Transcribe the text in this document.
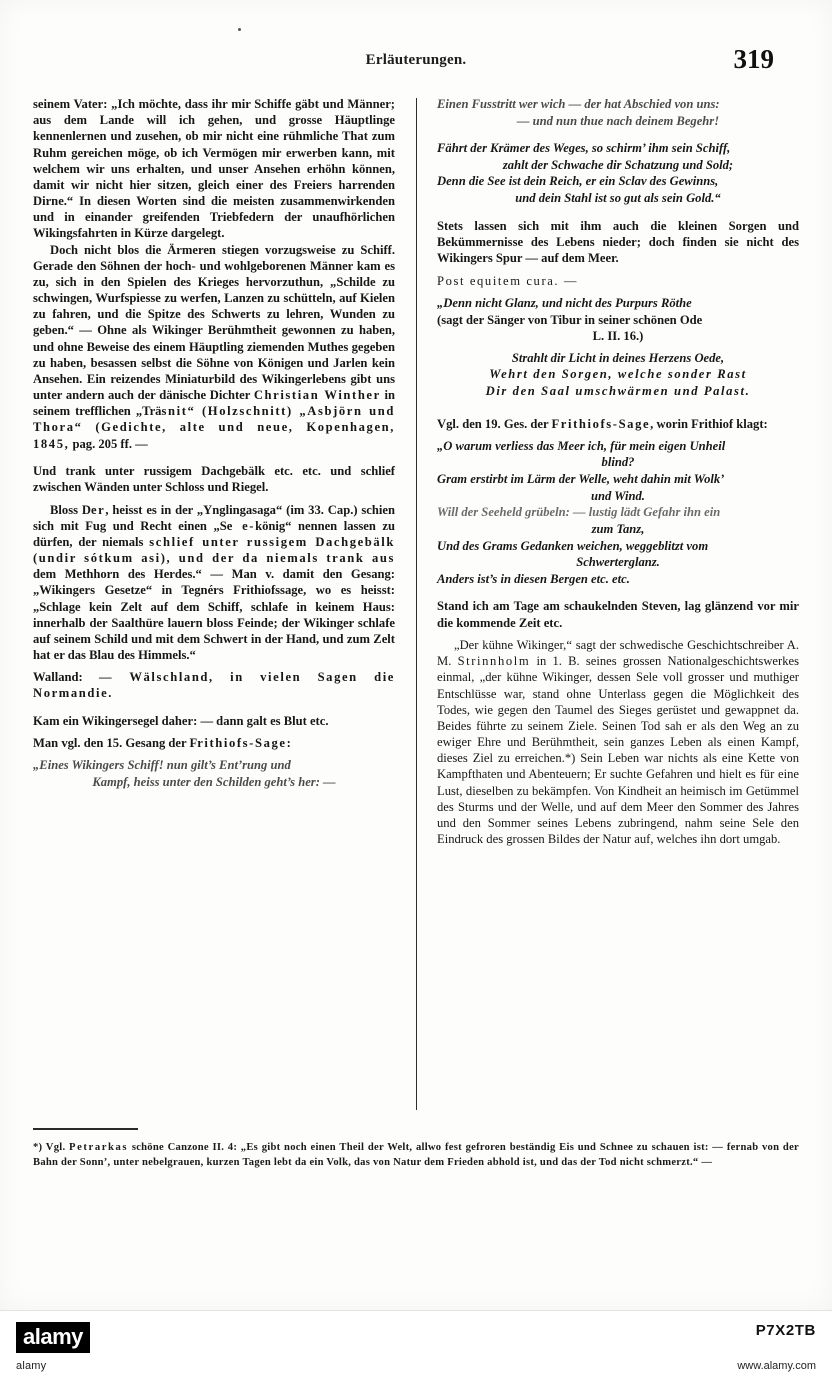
Erläuterungen.	319

seinem Vater: „Ich möchte, dass ihr mir Schiffe gäbt und Männer; aus dem Lande will ich gehen, und grosse Häuptlinge kennenlernen und zusehen, ob mir nicht eine rühmliche That zum Ruhm gereichen möge, ob ich Vermögen mir erwerben kann, mit welchem wir uns erhalten, und unser Ansehen erhöhn können, damit wir nicht hier sitzen, gleich einer des Freiers harrenden Dirne.“ In diesen Worten sind die meisten zusammenwirkenden und in einander greifenden Triebfedern der unaufhörlichen Wikingsfahrten in Kürze dargelegt.

Doch nicht blos die Ärmeren stiegen vorzugsweise zu Schiff. Gerade den Söhnen der hoch- und wohlgeborenen Männer kam es zu, sich in den Spielen des Krieges hervorzuthun, „Schilde zu schwingen, Wurfspiesse zu werfen, Lanzen zu schütteln, auf Kielen zu fahren, und die Spitze des Schwerts zu lehren, Wunden zu geben.“ — Ohne als Wikinger Berühmtheit gewonnen zu haben, und ohne Beweise des einem Häuptling ziemenden Muthes gegeben zu haben, besassen selbst die Söhne von Königen und Jarlen kein Ansehen. Ein reizendes Miniaturbild des Wikingerlebens gibt uns unter andern auch der dänische Dichter Christian Winther in seinem trefflichen „Träsnit“ (Holzschnitt) „Asbjörn und Thora“ (Gedichte, alte und neue, Kopenhagen, 1845, pag. 205 ff. —

Und trank unter russigem Dachgebälk etc. etc. und schlief zwischen Wänden unter Schloss und Riegel.

Bloss Der, heisst es in der „Ynglingasaga“ (im 33. Cap.) schien sich mit Fug und Recht einen „Se e-könig“ nennen lassen zu dürfen, der niemals schlief unter russigem Dachgebälk (undir sótkum asi), und der da niemals trank aus dem Methhorn des Herdes.“ — Man v. damit den Gesang: „Wikingers Gesetze“ in Tegnérs Frithiofssage, wo es heisst: „Schlage kein Zelt auf dem Schiff, schlafe in keinem Haus: innerhalb der Saalthüre lauern bloss Feinde; der Wikinger schlafe auf seinem Schild und mit dem Schwert in der Hand, und zum Zelt hat er das Blau des Himmels.“

Walland: — Wälschland, in vielen Sagen die Normandie.

Kam ein Wikingersegel daher: — dann galt es Blut etc.

Man vgl. den 15. Gesang der Frithiofs-Sage:

„Eines Wikingers Schiff! nun gilt’s Ent’rung und

Kampf, heiss unter den Schilden geht’s her: —

Einen Fusstritt wer wich — der hat Abschied von uns:

— und nun thue nach deinem Begehr!

Fährt der Krämer des Weges, so schirm’ ihm sein Schiff,

zahlt der Schwache dir Schatzung und Sold;

Denn die See ist dein Reich, er ein Sclav des Gewinns,

und dein Stahl ist so gut als sein Gold.“

Stets lassen sich mit ihm auch die kleinen Sorgen und Bekümmernisse des Lebens nieder; doch finden sie nicht des Wikingers Spur — auf dem Meer.

Post equitem cura. —

„Denn nicht Glanz, und nicht des Purpurs Röthe

(sagt der Sänger von Tibur in seiner schönen Ode

L. II. 16.)

Strahlt dir Licht in deines Herzens Oede,

Wehrt den Sorgen, welche sonder Rast

Dir den Saal umschwärmen und Palast.

Vgl. den 19. Ges. der Frithiofs-Sage, worin Frithiof klagt:

„O warum verliess das Meer ich, für mein eigen Unheil

blind?

Gram erstirbt im Lärm der Welle, weht dahin mit Wolk’

und Wind.

Will der Seeheld grübeln: — lustig lädt Gefahr ihn ein

zum Tanz,

Und des Grams Gedanken weichen, weggeblitzt vom

Schwerterglanz.

Anders ist’s in diesen Bergen etc. etc.

Stand ich am Tage am schaukelnden Steven, lag glänzend vor mir die kommende Zeit etc.

„Der kühne Wikinger,“ sagt der schwedische Geschichtschreiber A. M. Strinnholm in 1. B. seines grossen Nationalgeschichtswerkes einmal, „der kühne Wikinger, dessen Sele voll grosser und muthiger Entschlüsse war, stand ohne Unterlass gegen die Möglichkeit des Todes, wie gegen den Taumel des Sieges gerüstet und gewappnet da. Beides führte zu seinem Ziele. Seinen Tod sah er als den Weg an zu ewiger Ehre und Berühmtheit, sein ganzes Leben als einen Kampf, dieses Ziel zu erreichen.*) Sein Leben war nichts als eine Kette von Kampfthaten und Abenteuern; Er suchte Gefahren und hielt es für eine Lust, dieselben zu bekämpfen. Von Kindheit an heimisch im Getümmel des Sturms und der Welle, und auf dem Meer den Sommer des Jahres und den Sommer seines Lebens zubringend, nahm seine Sele den Eindruck des grossen Bildes der Natur auf, welches ihn dort umgab.

*) Vgl. Petrarkas schöne Canzone II. 4: „Es gibt noch einen Theil der Welt, allwo fest gefroren beständig Eis und Schnee zu schauen ist: — fernab von der Bahn der Sonn’, unter nebelgrauen, kurzen Tagen lebt da ein Volk, das von Natur dem Frieden abhold ist, und das der Tod nicht schmerzt.“ —
alamy
alamy
P7X2TB
www.alamy.com
